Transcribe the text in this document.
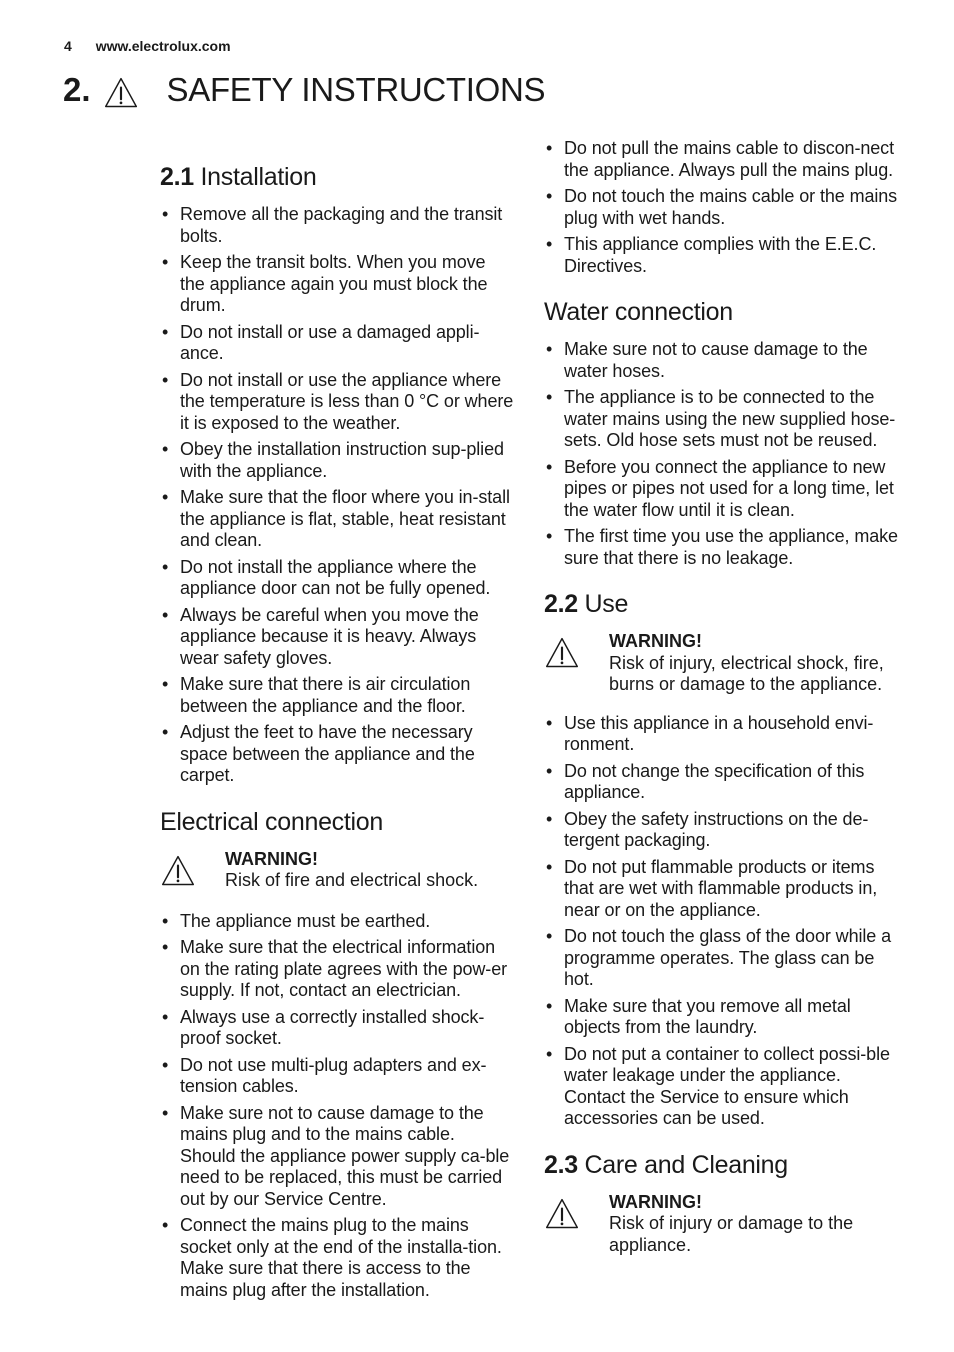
4 www.electrolux.com
2. SAFETY INSTRUCTIONS
2.1 Installation
• Remove all the packaging and the transit bolts.
• Keep the transit bolts. When you move the appliance again you must block the drum.
• Do not install or use a damaged appli-ance.
• Do not install or use the appliance where the temperature is less than 0 °C or where it is exposed to the weather.
• Obey the installation instruction sup-plied with the appliance.
• Make sure that the floor where you in-stall the appliance is flat, stable, heat resistant and clean.
• Do not install the appliance where the appliance door can not be fully opened.
• Always be careful when you move the appliance because it is heavy. Always wear safety gloves.
• Make sure that there is air circulation between the appliance and the floor.
• Adjust the feet to have the necessary space between the appliance and the carpet.
Electrical connection
WARNING!
Risk of fire and electrical shock.
• The appliance must be earthed.
• Make sure that the electrical information on the rating plate agrees with the pow-er supply. If not, contact an electrician.
• Always use a correctly installed shock-proof socket.
• Do not use multi-plug adapters and ex-tension cables.
• Make sure not to cause damage to the mains plug and to the mains cable. Should the appliance power supply ca-ble need to be replaced, this must be carried out by our Service Centre.
• Connect the mains plug to the mains socket only at the end of the installa-tion. Make sure that there is access to the mains plug after the installation.
• Do not pull the mains cable to discon-nect the appliance. Always pull the mains plug.
• Do not touch the mains cable or the mains plug with wet hands.
• This appliance complies with the E.E.C. Directives.
Water connection
• Make sure not to cause damage to the water hoses.
• The appliance is to be connected to the water mains using the new supplied hose-sets. Old hose sets must not be reused.
• Before you connect the appliance to new pipes or pipes not used for a long time, let the water flow until it is clean.
• The first time you use the appliance, make sure that there is no leakage.
2.2 Use
WARNING!
Risk of injury, electrical shock, fire, burns or damage to the appliance.
• Use this appliance in a household envi-ronment.
• Do not change the specification of this appliance.
• Obey the safety instructions on the de-tergent packaging.
• Do not put flammable products or items that are wet with flammable products in, near or on the appliance.
• Do not touch the glass of the door while a programme operates. The glass can be hot.
• Make sure that you remove all metal objects from the laundry.
• Do not put a container to collect possi-ble water leakage under the appliance. Contact the Service to ensure which accessories can be used.
2.3 Care and Cleaning
WARNING!
Risk of injury or damage to the appliance.
